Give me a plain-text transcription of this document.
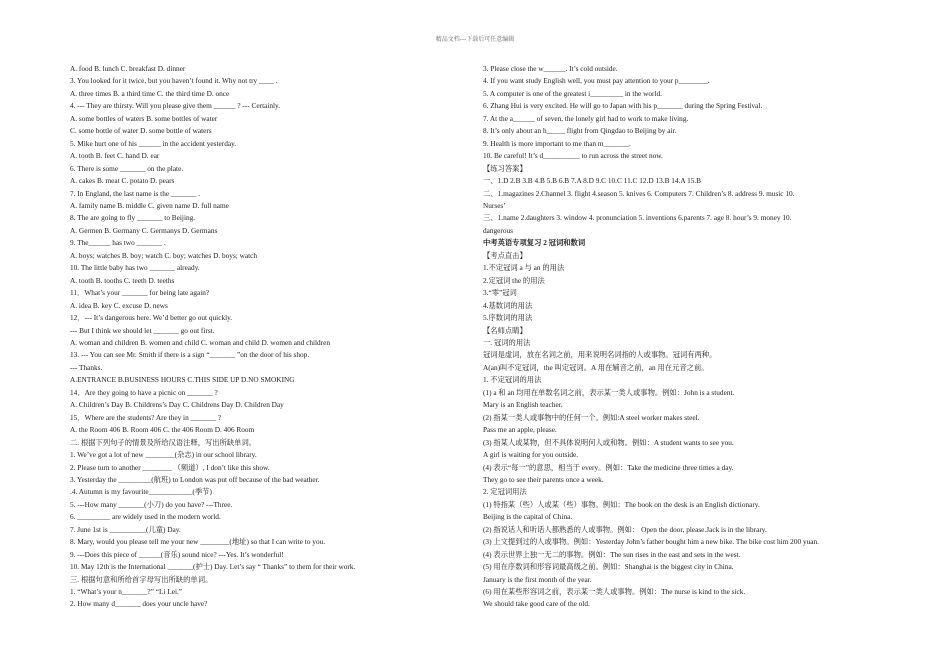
精品文档---下载后可任意编辑
A. food B. lunch C. breakfast D. dinner
3. You looked for it twice, but you haven’t found it. Why not try ____ .
A. three times B. a third time C. the third time D. once
4. --- They are thirsty. Will you please give them ______ ? --- Certainly.
A. some bottles of waters B. some bottles of water
C. some bottle of water D. some bottle of waters
5. Mike hurt one of his ______ in the accident yesterday.
A. tooth B. feet C. hand D. ear
6. There is some _______ on the plate.
A. cakes B. meat C. potato D. pears
7. In England, the last name is the _______ .
A. family name B. middle C. given name D. full name
8. The are going to fly _______ to Beijing.
A. Germen B. Germany C. Germanys D. Germans
9. The______ has two _______ .
A. boys; watches B. boy; watch C. boy; watches D. boys; watch
10. The little baby has two _______ already.
A. tooth B. tooths C. teeth D. teeths
11．What’s your _______ for being late again?
A. idea B. key C. excuse D. news
12．--- It’s dangerous here. We’d better go out quickly.
--- But I think we should let _______ go out first.
A. woman and children B. women and child C. woman and child D. women and children
13. --- You can see Mr. Smith if there is a sign “_______ ”on the door of his shop.
--- Thanks.
A.ENTRANCE B.BUSINESS HOURS C.THIS SIDE UP D.NO SMOKING
14．Are they going to have a picnic on _______ ?
A. Children’s Day B. Childrens’s Day C. Childrens Day D. Children Day
15．Where are the students? Are they in _______ ?
A. the Room 406 B. Room 406 C. the 406 Room D. 406 Room
二. 根据下列句子的情景及所给汉语注释，写出所缺单词。
1. We’ve got a lot of new ________(杂志) in our school library.
2. Please turn to another ________ （频道）, I don’t like this show.
3. Yesterday the _________(航班) to London was put off because of the bad weather.
.4. Autumn is my favourite____________(季节)
5. ---How many _______(小刀) do you have? ---Three.
6. _________ are widely used in the modern world.
7. June 1st is __________(儿童) Day.
8. Mary, would you please tell me your new ________(地址) so that I can write to you.
9. ---Does this piece of ______(音乐) sound nice? ---Yes. It’s wonderful!
10. May 12th is the International _______(护士) Day. Let’s say “ Thanks” to them for their work.
三. 根据句意和所给首字母写出所缺的单词。
1. “What’s your n_______?” “Li Lei.”
2. How many d_______ does your uncle have?
3. Please close the w______. It’s cold outside.
4. If you want study English well, you must pay attention to your p________.
5. A computer is one of the greatest i_________ in the world.
6. Zhang Hui is very excited. He will go to Japan with his p_______ during the Spring Festival.
7. At the a______ of seven, the lonely girl had to work to make living.
8. It’s only about an h_____ flight from Qingdao to Beijing by air.
9. Health is more important to me than m_______.
10. Be careful! It’s d__________ to run across the street now.
【练习答案】
一、1.D 2.B 3.B 4.B 5.B 6.B 7.A 8.D 9.C 10.C 11.C 12.D 13.B 14.A 15.B
二、1.magazines 2.Channel 3. flight 4.season 5. knives 6. Computers 7. Children’s 8. address 9. music 10.
Nurses’
三、1.name 2.daughters 3. window 4. pronunciation 5. inventions 6.parents 7. age 8. hour’s 9. money 10.
dangerous
中考英语专项复习 2 冠词和数词
【考点直击】
1.不定冠词 a 与 an 的用法
2.定冠词 the 的用法
3.“零”冠词
4.基数词的用法
5.序数词的用法
【名师点睛】
一. 冠词的用法
冠词是虚词，放在名词之前，用来说明名词指的人或事物。冠词有两种。
A(an)叫不定冠词，the 叫定冠词。A 用在辅音之前，an 用在元音之前。
1. 不定冠词的用法
(1) a 和 an 均用在单数名词之前，表示某一类人或事物。例如：John is a student.
Mary is an English teacher.
(2) 指某一类人或事物中的任何一个。例如:A steel worker makes steel.
Pass me an apple, please.
(3) 指某人或某物，但不具体说明何人或和物。例如：A student wants to see you.
A girl is waiting for you outside.
(4) 表示“每一”的意思，相当于 every。例如：Take the medicine three times a day.
They go to see their parents once a week.
2. 定冠词用法
(1) 特指某（些）人或某（些）事物。例如：The book on the desk is an English dictionary.
Beijing is the capital of China.
(2) 指说话人和听话人都熟悉的人或事物。例如： Open the door, please.Jack is in the library.
(3) 上文提到过的人或事物。例如：Yesterday John’s father bought him a new bike. The bike cost him 200 yuan.
(4) 表示世界上独一无二的事物。例如：The sun rises in the east and sets in the west.
(5) 用在序数词和形容词最高级之前。例如：Shanghai is the biggest city in China.
January is the first month of the year.
(6) 用在某些形容词之前，表示某一类人或事物。例如：The nurse is kind to the sick.
We should take good care of the old.
